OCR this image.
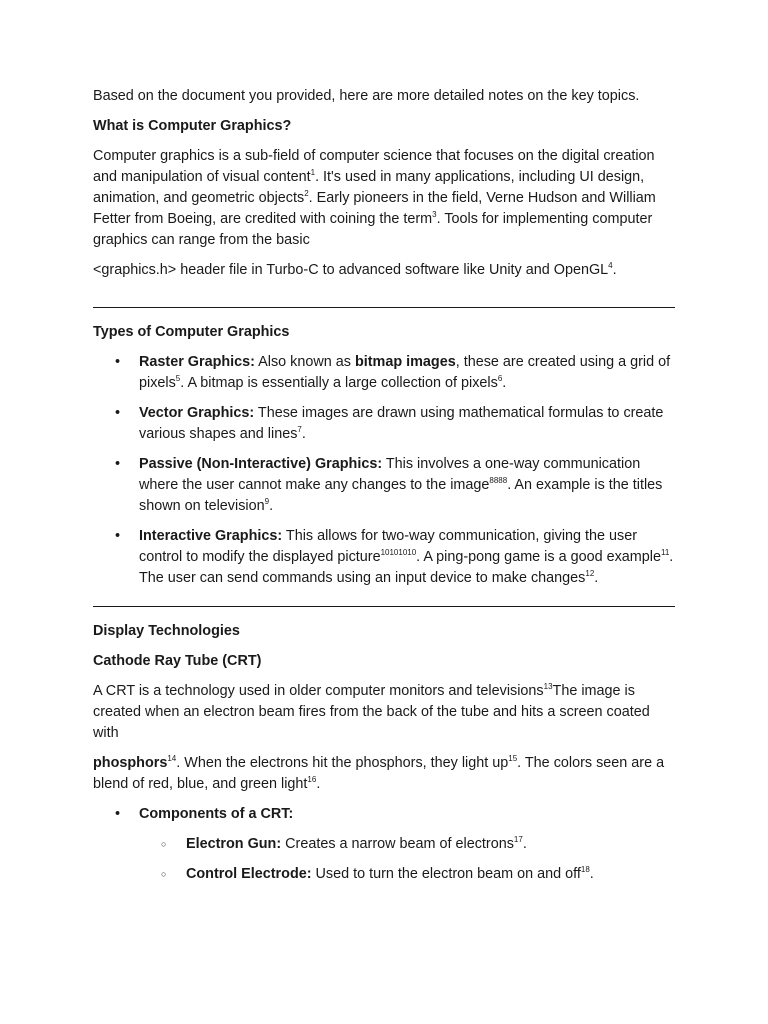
Based on the document you provided, here are more detailed notes on the key topics.

What is Computer Graphics?

Computer graphics is a sub-field of computer science that focuses on the digital creation and manipulation of visual content$^1$. It's used in many applications, including UI design, animation, and geometric objects$^2$. Early pioneers in the field, Verne Hudson and William Fetter from Boeing, are credited with coining the term$^3$. Tools for implementing computer graphics can range from the basic

<graphics.h> header file in Turbo-C to advanced software like Unity and OpenGL$^4$.

Types of Computer Graphics

• Raster Graphics: Also known as bitmap images, these are created using a grid of pixels$^5$. A bitmap is essentially a large collection of pixels$^6$.
• Vector Graphics: These images are drawn using mathematical formulas to create various shapes and lines$^7$.
• Passive (Non-Interactive) Graphics: This involves a one-way communication where the user cannot make any changes to the image$^{8888}$. An example is the titles shown on television$^9$.
• Interactive Graphics: This allows for two-way communication, giving the user control to modify the displayed picture$^{10101010}$. A ping-pong game is a good example$^{11}$. The user can send commands using an input device to make changes$^{12}$.

Display Technologies

Cathode Ray Tube (CRT)

A CRT is a technology used in older computer monitors and televisions$^{13}$The image is created when an electron beam fires from the back of the tube and hits a screen coated with

phosphors$^{14}$. When the electrons hit the phosphors, they light $up^{15}$. The colors seen are a blend of red, blue, and green light$^{16}$.

• Components of a CRT:
○ Electron Gun: Creates a narrow beam of electrons$^{17}$.
○ Control Electrode: Used to turn the electron beam on and off$^{18}$.
